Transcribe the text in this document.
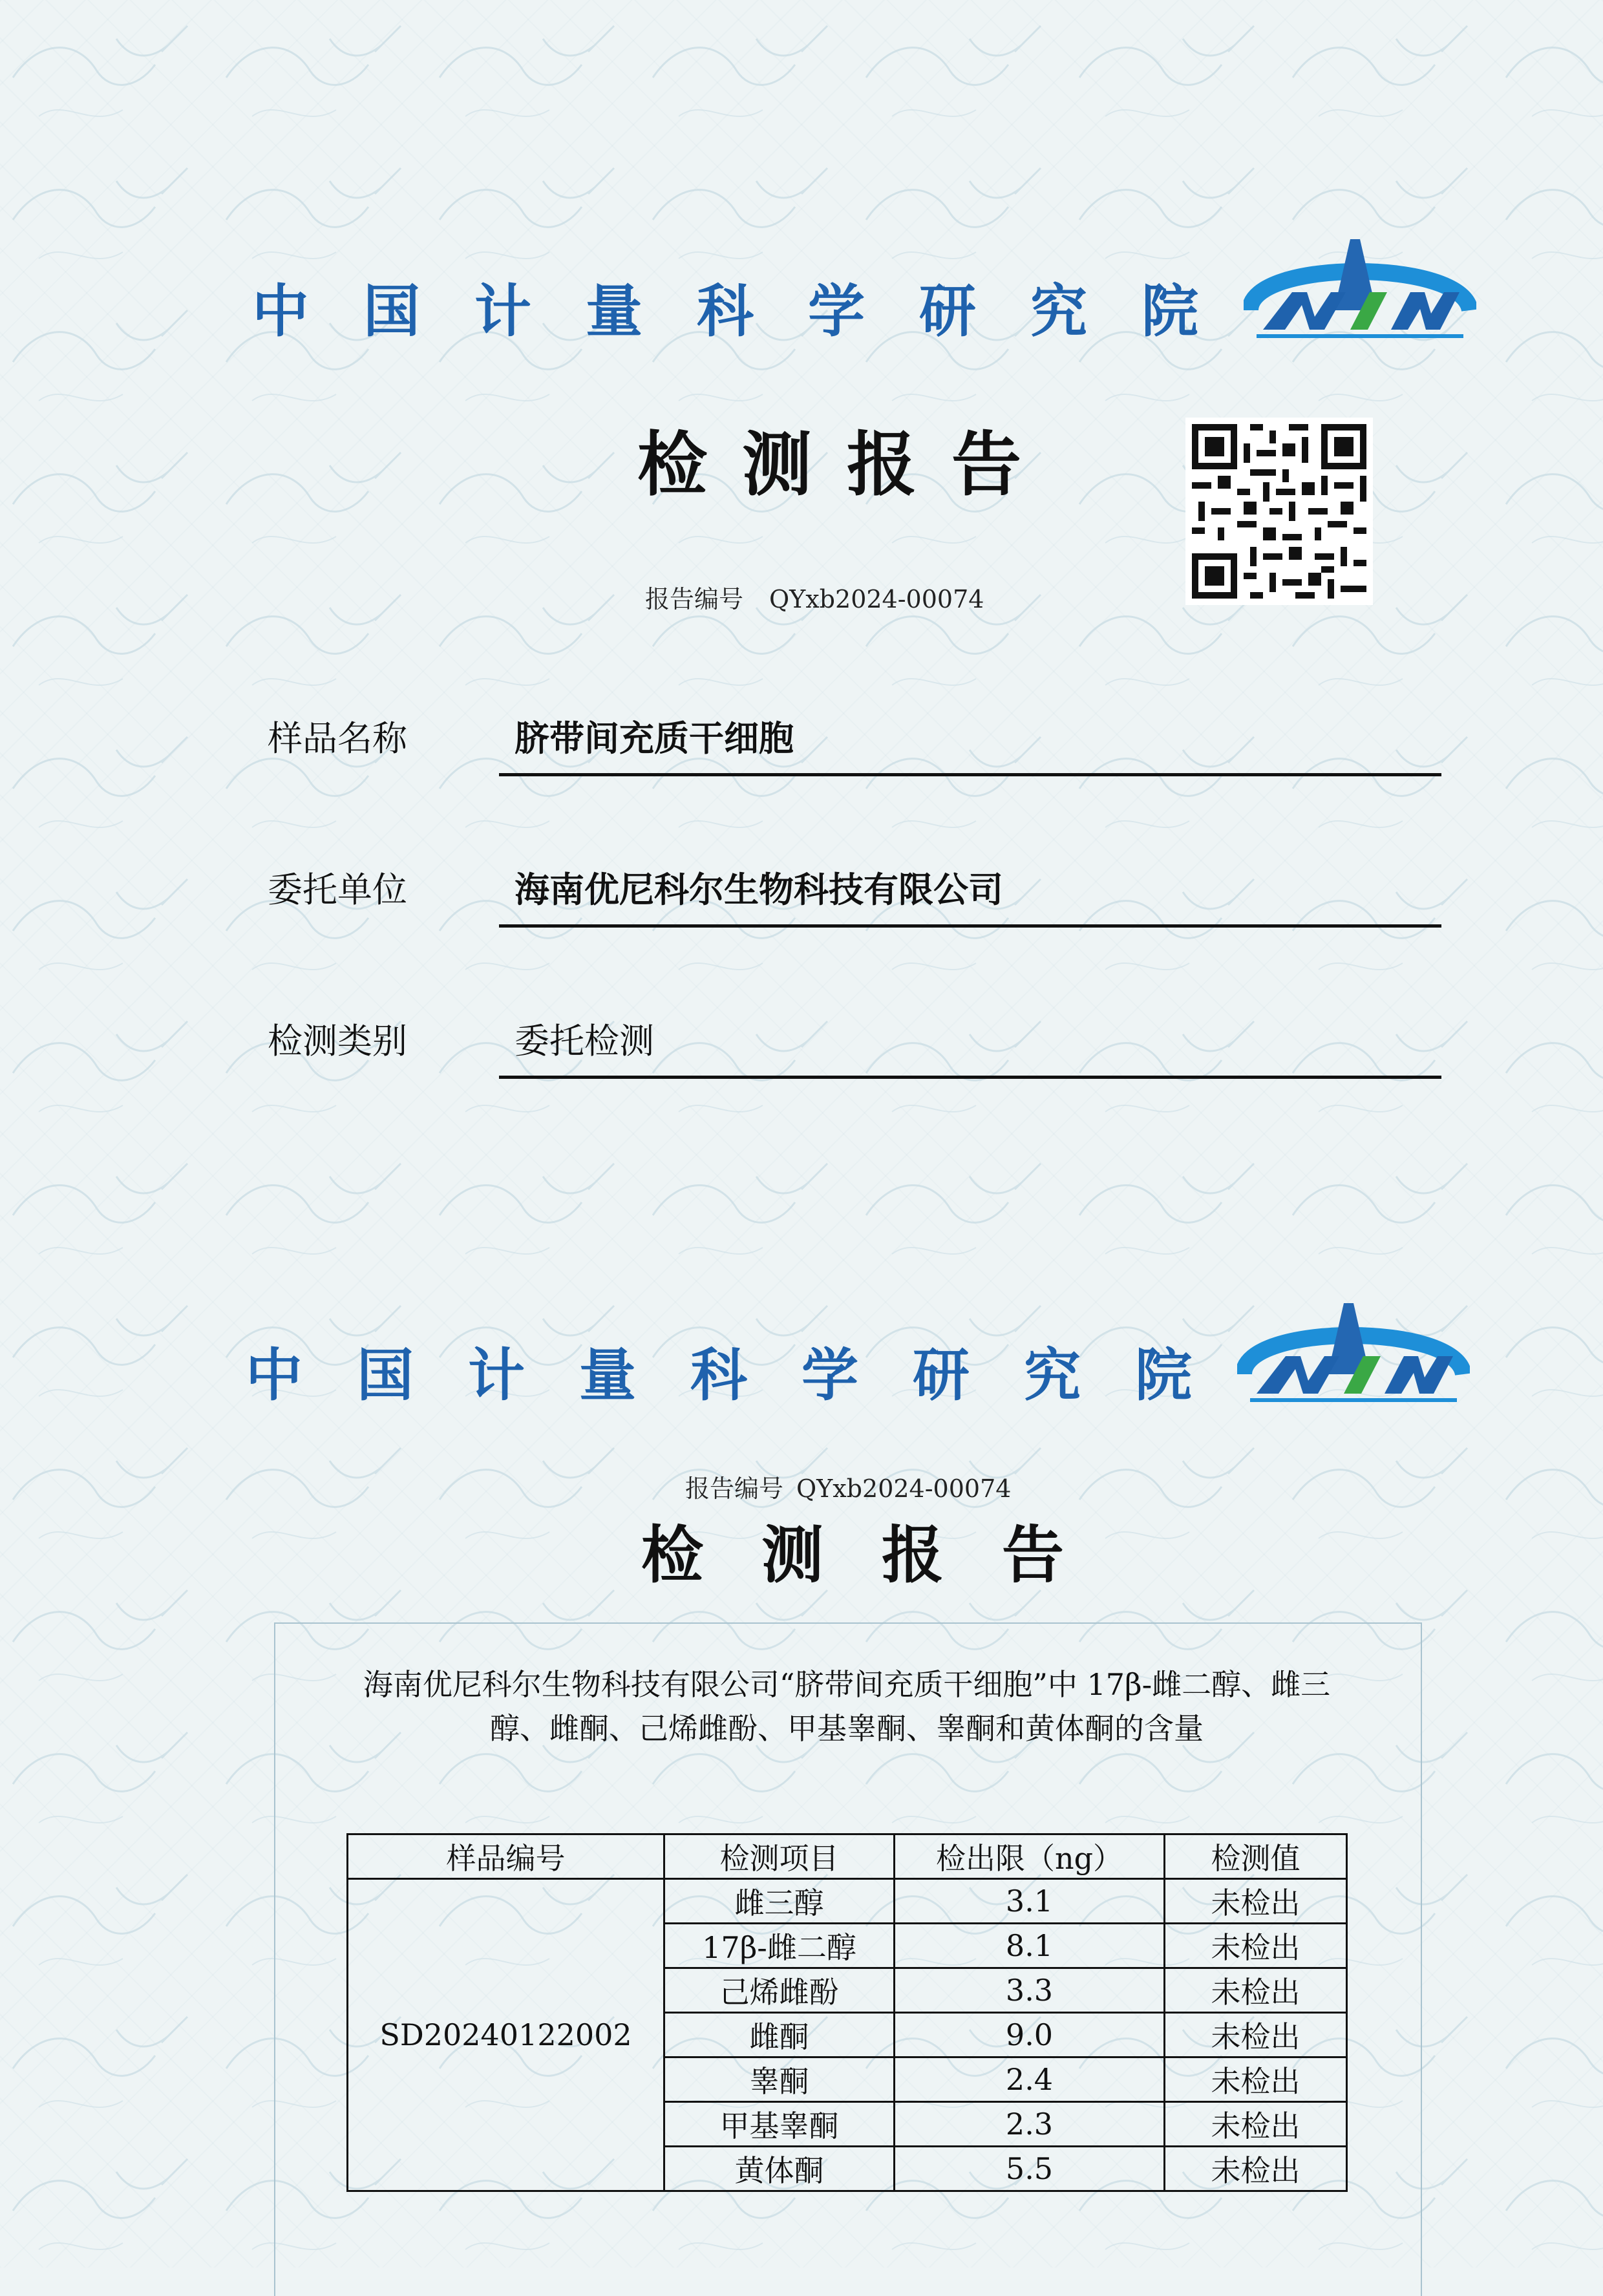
中国计量科学研究院
检测报告
报告编号 QYxb2024-00074
样品名称	脐带间充质干细胞
委托单位	海南优尼科尔生物科技有限公司
检测类别	委托检测
中国计量科学研究院
报告编号 QYxb2024-00074
检测报告
海南优尼科尔生物科技有限公司“脐带间充质干细胞”中 17β-雌二醇、雌三
醇、雌酮、己烯雌酚、甲基睾酮、睾酮和黄体酮的含量
样品编号	检测项目	检出限（ng）	检测值
SD20240122002	雌三醇	3.1	未检出
	17β-雌二醇	8.1	未检出
	己烯雌酚	3.3	未检出
	雌酮	9.0	未检出
	睾酮	2.4	未检出
	甲基睾酮	2.3	未检出
	黄体酮	5.5	未检出
